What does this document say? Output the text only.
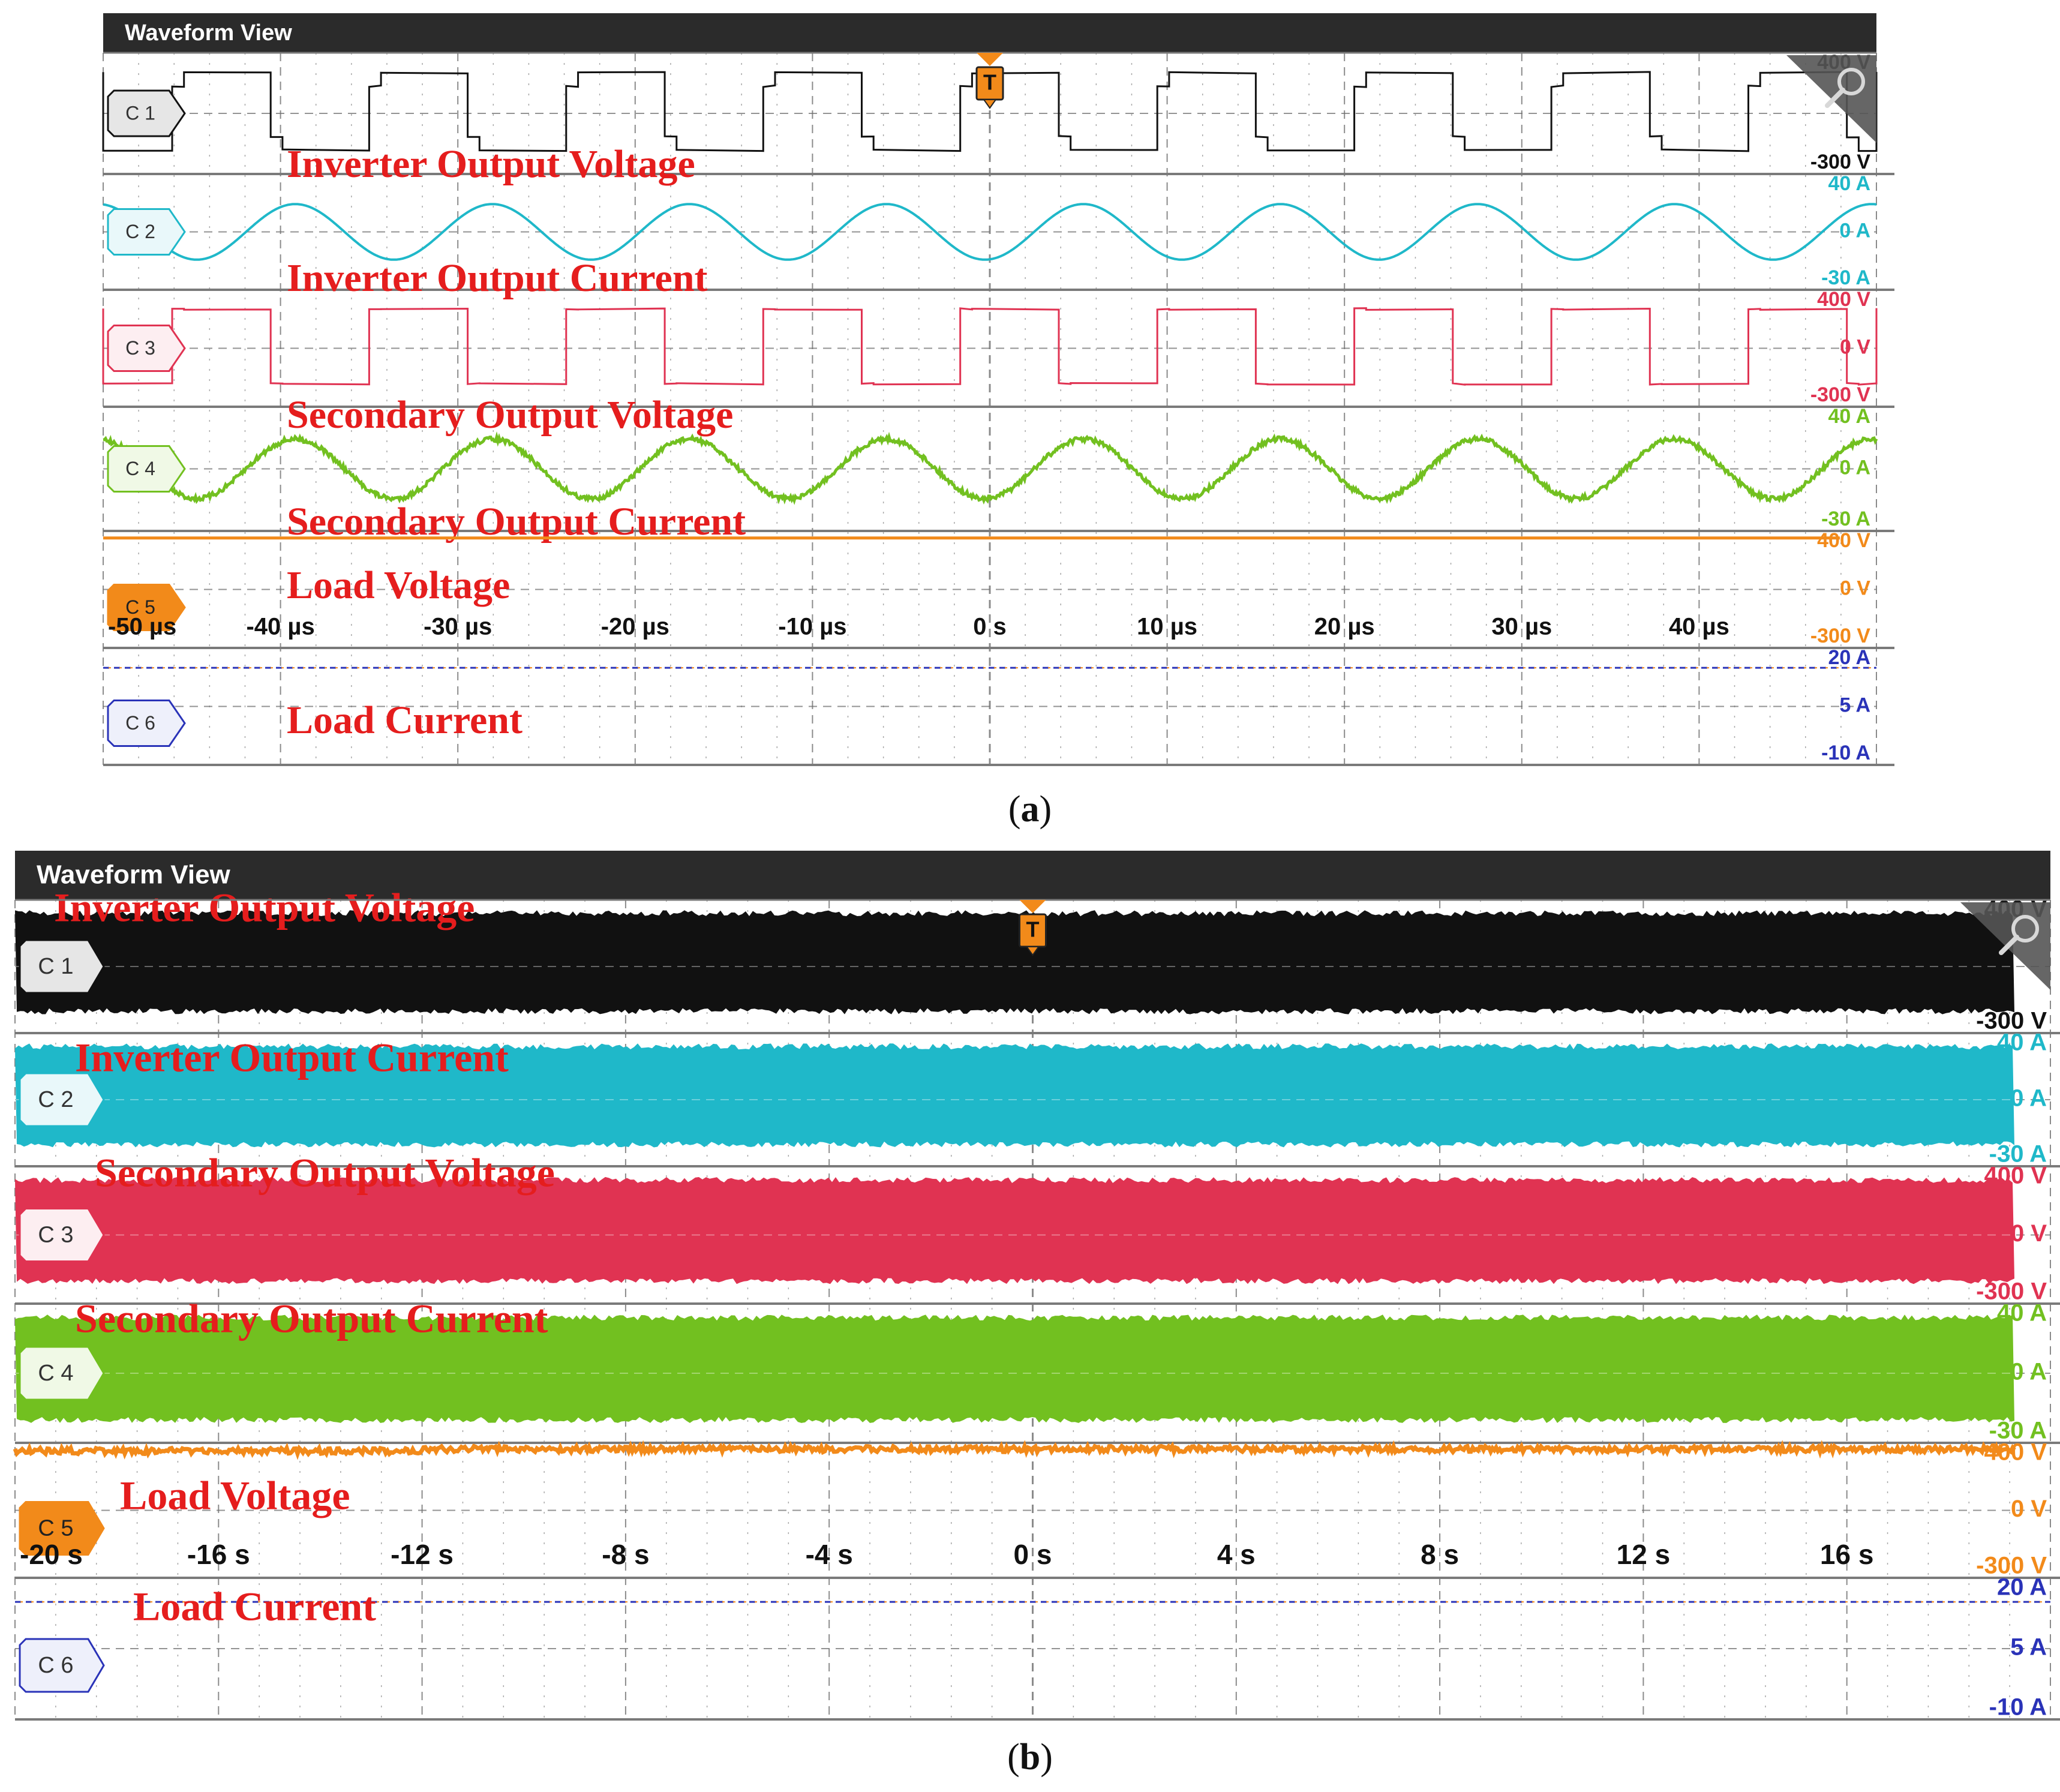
Waveform View
C 1
-300 V
Inverter Output Voltage
C 2
40 A
0 A
-30 A
Inverter Output Current
C 3
400 V
0 V
-300 V
Secondary Output Voltage
C 4
40 A
0 A
-30 A
Secondary Output Current
C 5
400 V
0 V
-300 V
Load Voltage
C 6
20 A
5 A
-10 A
Load Current
-50 µs	-40 µs	-30 µs	-20 µs	-10 µs	0 s	10 µs	20 µs	30 µs	40 µs
T
(a)
Waveform View
C 1
-300 V
Inverter Output Voltage
C 2
40 A
0 A
-30 A
Inverter Output Current
C 3
400 V
0 V
-300 V
Secondary Output Voltage
C 4
40 A
0 A
-30 A
Secondary Output Current
C 5
400 V
0 V
-300 V
Load Voltage
C 6
20 A
5 A
-10 A
Load Current
-20 s	-16 s	-12 s	-8 s	-4 s	0 s	4 s	8 s	12 s	16 s
T
(b)
